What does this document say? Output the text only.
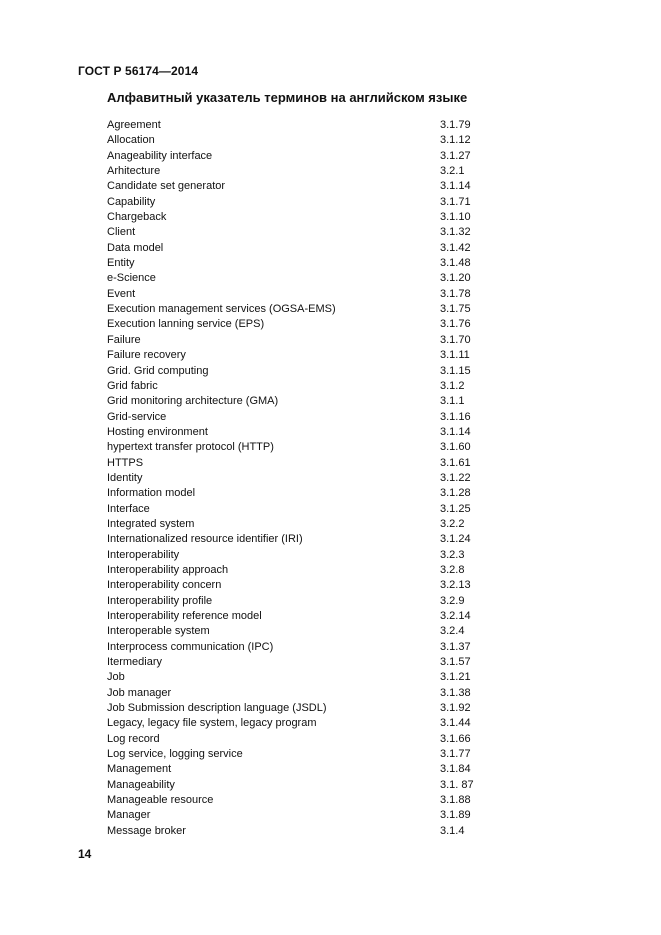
ГОСТ Р 56174—2014
Алфавитный указатель терминов на английском языке
Agreement	3.1.79
Allocation	3.1.12
Anageability interface	3.1.27
Arhitecture	3.2.1
Candidate set generator	3.1.14
Capability	3.1.71
Chargeback	3.1.10
Client	3.1.32
Data model	3.1.42
Entity	3.1.48
e-Science	3.1.20
Event	3.1.78
Execution management services (OGSA-EMS)	3.1.75
Execution lanning service (EPS)	3.1.76
Failure	3.1.70
Failure recovery	3.1.11
Grid. Grid computing	3.1.15
Grid fabric	3.1.2
Grid monitoring architecture (GMA)	3.1.1
Grid-service	3.1.16
Hosting environment	3.1.14
hypertext transfer protocol (HTTP)	3.1.60
HTTPS	3.1.61
Identity	3.1.22
Information model	3.1.28
Interface	3.1.25
Integrated system	3.2.2
Internationalized resource identifier (IRI)	3.1.24
Interoperability	3.2.3
Interoperability approach	3.2.8
Interoperability concern	3.2.13
Interoperability profile	3.2.9
Interoperability reference model	3.2.14
Interoperable system	3.2.4
Interprocess communication (IPC)	3.1.37
Itermediary	3.1.57
Job	3.1.21
Job manager	3.1.38
Job Submission description language (JSDL)	3.1.92
Legacy, legacy file system, legacy program	3.1.44
Log record	3.1.66
Log service, logging service	3.1.77
Management	3.1.84
Manageability	3.1. 87
Manageable resource	3.1.88
Manager	3.1.89
Message broker	3.1.4
14
